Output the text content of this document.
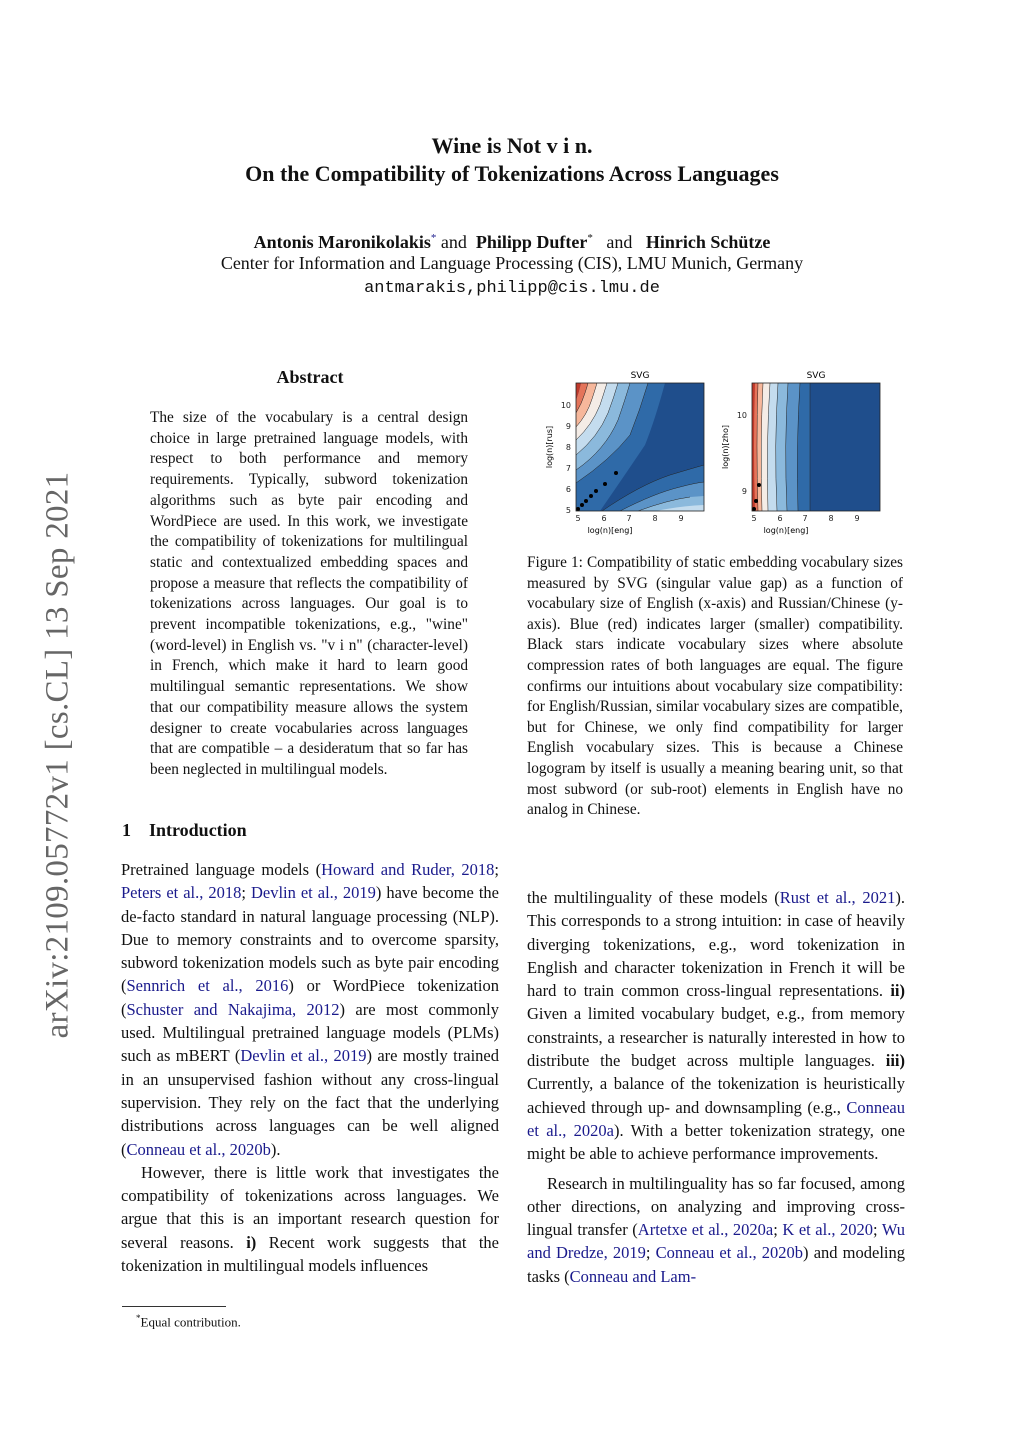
Wine is Not v i n.
On the Compatibility of Tokenizations Across Languages
Antonis Maronikolakis* and Philipp Dufter* and Hinrich Schütze
Center for Information and Language Processing (CIS), LMU Munich, Germany
antmarakis,philipp@cis.lmu.de
arXiv:2109.05772v1 [cs.CL] 13 Sep 2021
Abstract
The size of the vocabulary is a central design choice in large pretrained language models, with respect to both performance and memory requirements. Typically, subword tokenization algorithms such as byte pair encoding and WordPiece are used. In this work, we investigate the compatibility of tokenizations for multilingual static and contextualized embedding spaces and propose a measure that reflects the compatibility of tokenizations across languages. Our goal is to prevent incompatible tokenizations, e.g., "wine" (word-level) in English vs. "v i n" (character-level) in French, which make it hard to learn good multilingual semantic representations. We show that our compatibility measure allows the system designer to create vocabularies across languages that are compatible – a desideratum that so far has been neglected in multilingual models.
SVG
5	6 7	8	9
5
6
7
8
9
10
log(n)[eng]
log(n)[rus]
SVG
5	6 7	8	9
9
10
log(n)[eng]
log(n)[zho]
Figure 1: Compatibility of static embedding vocabulary sizes measured by SVG (singular value gap) as a function of vocabulary size of English (x-axis) and Russian/Chinese (y-axis). Blue (red) indicates larger (smaller) compatibility. Black stars indicate vocabulary sizes where absolute compression rates of both languages are equal. The figure confirms our intuitions about vocabulary size compatibility: for English/Russian, similar vocabulary sizes are compatible, but for Chinese, we only find compatibility for larger English vocabulary sizes. This is because a Chinese logogram by itself is usually a meaning bearing unit, so that most subword (or sub-root) elements in English have no analog in Chinese.
1 Introduction

Pretrained language models (Howard and Ruder, 2018; Peters et al., 2018; Devlin et al., 2019) have become the de-facto standard in natural language processing (NLP). Due to memory constraints and to overcome sparsity, subword tokenization models such as byte pair encoding (Sennrich et al., 2016) or WordPiece tokenization (Schuster and Nakajima, 2012) are most commonly used. Multilingual pretrained language models (PLMs) such as mBERT (Devlin et al., 2019) are mostly trained in an unsupervised fashion without any cross-lingual supervision. They rely on the fact that the underlying distributions across languages can be well aligned (Conneau et al., 2020b).

However, there is little work that investigates the compatibility of tokenizations across languages. We argue that this is an important research question for several reasons. i) Recent work suggests that the tokenization in multilingual models influences

the multilinguality of these models (Rust et al., 2021). This corresponds to a strong intuition: in case of heavily diverging tokenizations, e.g., word tokenization in English and character tokenization in French it will be hard to train common cross-lingual representations. ii) Given a limited vocabulary budget, e.g., from memory constraints, a researcher is naturally interested in how to distribute the budget across multiple languages. iii) Currently, a balance of the tokenization is heuristically achieved through up- and downsampling (e.g., Conneau et al., 2020a). With a better tokenization strategy, one might be able to achieve performance improvements.

Research in multilinguality has so far focused, among other directions, on analyzing and improving cross-lingual transfer (Artetxe et al., 2020a; K et al., 2020; Wu and Dredze, 2019; Conneau et al., 2020b) and modeling tasks (Conneau and Lam-

*Equal contribution.
